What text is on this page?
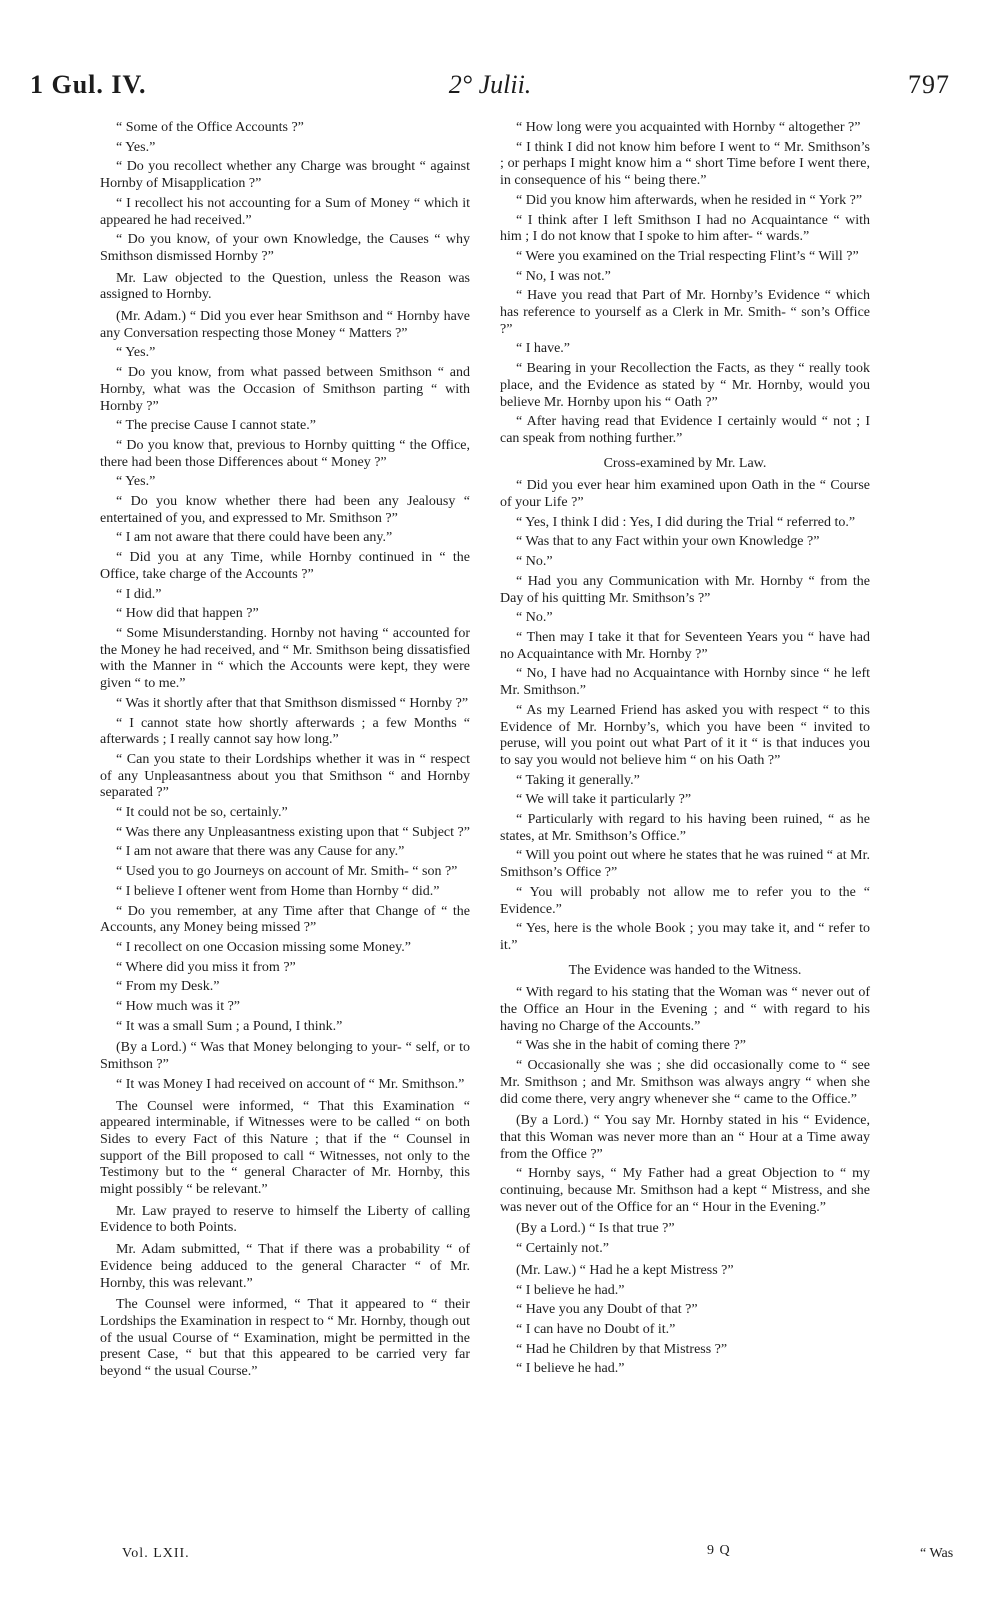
1 Gul. IV.	2° Julii.	797

“ Some of the Office Accounts ?”

“ Yes.”

“ Do you recollect whether any Charge was brought “ against Hornby of Misapplication ?”

“ I recollect his not accounting for a Sum of Money “ which it appeared he had received.”

“ Do you know, of your own Knowledge, the Causes “ why Smithson dismissed Hornby ?”

Mr. Law objected to the Question, unless the Reason was assigned to Hornby.

(Mr. Adam.) “ Did you ever hear Smithson and “ Hornby have any Conversation respecting those Money “ Matters ?”

“ Yes.”

“ Do you know, from what passed between Smithson “ and Hornby, what was the Occasion of Smithson parting “ with Hornby ?”

“ The precise Cause I cannot state.”

“ Do you know that, previous to Hornby quitting “ the Office, there had been those Differences about “ Money ?”

“ Yes.”

“ Do you know whether there had been any Jealousy “ entertained of you, and expressed to Mr. Smithson ?”

“ I am not aware that there could have been any.”

“ Did you at any Time, while Hornby continued in “ the Office, take charge of the Accounts ?”

“ I did.”

“ How did that happen ?”

“ Some Misunderstanding. Hornby not having “ accounted for the Money he had received, and “ Mr. Smithson being dissatisfied with the Manner in “ which the Accounts were kept, they were given “ to me.”

“ Was it shortly after that that Smithson dismissed “ Hornby ?”

“ I cannot state how shortly afterwards ; a few Months “ afterwards ; I really cannot say how long.”

“ Can you state to their Lordships whether it was in “ respect of any Unpleasantness about you that Smithson “ and Hornby separated ?”

“ It could not be so, certainly.”

“ Was there any Unpleasantness existing upon that “ Subject ?”

“ I am not aware that there was any Cause for any.”

“ Used you to go Journeys on account of Mr. Smith- “ son ?”

“ I believe I oftener went from Home than Hornby “ did.”

“ Do you remember, at any Time after that Change of “ the Accounts, any Money being missed ?”

“ I recollect on one Occasion missing some Money.”

“ Where did you miss it from ?”

“ From my Desk.”

“ How much was it ?”

“ It was a small Sum ; a Pound, I think.”

(By a Lord.) “ Was that Money belonging to your- “ self, or to Smithson ?”

“ It was Money I had received on account of “ Mr. Smithson.”

The Counsel were informed, “ That this Examination “ appeared interminable, if Witnesses were to be called “ on both Sides to every Fact of this Nature ; that if the “ Counsel in support of the Bill proposed to call “ Witnesses, not only to the Testimony but to the “ general Character of Mr. Hornby, this might possibly “ be relevant.”

Mr. Law prayed to reserve to himself the Liberty of calling Evidence to both Points.

Mr. Adam submitted, “ That if there was a probability “ of Evidence being adduced to the general Character “ of Mr. Hornby, this was relevant.”

The Counsel were informed, “ That it appeared to “ their Lordships the Examination in respect to “ Mr. Hornby, though out of the usual Course of “ Examination, might be permitted in the present Case, “ but that this appeared to be carried very far beyond “ the usual Course.”

“ How long were you acquainted with Hornby “ altogether ?”

“ I think I did not know him before I went to “ Mr. Smithson’s ; or perhaps I might know him a “ short Time before I went there, in consequence of his “ being there.”

“ Did you know him afterwards, when he resided in “ York ?”

“ I think after I left Smithson I had no Acquaintance “ with him ; I do not know that I spoke to him after- “ wards.”

“ Were you examined on the Trial respecting Flint’s “ Will ?”

“ No, I was not.”

“ Have you read that Part of Mr. Hornby’s Evidence “ which has reference to yourself as a Clerk in Mr. Smith- “ son’s Office ?”

“ I have.”

“ Bearing in your Recollection the Facts, as they “ really took place, and the Evidence as stated by “ Mr. Hornby, would you believe Mr. Hornby upon his “ Oath ?”

“ After having read that Evidence I certainly would “ not ; I can speak from nothing further.”

Cross-examined by Mr. Law.

“ Did you ever hear him examined upon Oath in the “ Course of your Life ?”

“ Yes, I think I did : Yes, I did during the Trial “ referred to.”

“ Was that to any Fact within your own Knowledge ?”

“ No.”

“ Had you any Communication with Mr. Hornby “ from the Day of his quitting Mr. Smithson’s ?”

“ No.”

“ Then may I take it that for Seventeen Years you “ have had no Acquaintance with Mr. Hornby ?”

“ No, I have had no Acquaintance with Hornby since “ he left Mr. Smithson.”

“ As my Learned Friend has asked you with respect “ to this Evidence of Mr. Hornby’s, which you have been “ invited to peruse, will you point out what Part of it it “ is that induces you to say you would not believe him “ on his Oath ?”

“ Taking it generally.”

“ We will take it particularly ?”

“ Particularly with regard to his having been ruined, “ as he states, at Mr. Smithson’s Office.”

“ Will you point out where he states that he was ruined “ at Mr. Smithson’s Office ?”

“ You will probably not allow me to refer you to the “ Evidence.”

“ Yes, here is the whole Book ; you may take it, and “ refer to it.”

The Evidence was handed to the Witness.

“ With regard to his stating that the Woman was “ never out of the Office an Hour in the Evening ; and “ with regard to his having no Charge of the Accounts.”

“ Was she in the habit of coming there ?”

“ Occasionally she was ; she did occasionally come to “ see Mr. Smithson ; and Mr. Smithson was always angry “ when she did come there, very angry whenever she “ came to the Office.”

(By a Lord.) “ You say Mr. Hornby stated in his “ Evidence, that this Woman was never more than an “ Hour at a Time away from the Office ?”

“ Hornby says, “ My Father had a great Objection to “ my continuing, because Mr. Smithson had a kept “ Mistress, and she was never out of the Office for an “ Hour in the Evening.”

(By a Lord.) “ Is that true ?”

“ Certainly not.”

(Mr. Law.) “ Had he a kept Mistress ?”

“ I believe he had.”

“ Have you any Doubt of that ?”

“ I can have no Doubt of it.”

“ Had he Children by that Mistress ?”

“ I believe he had.”

Vol. LXII.	9 Q	“ Was
